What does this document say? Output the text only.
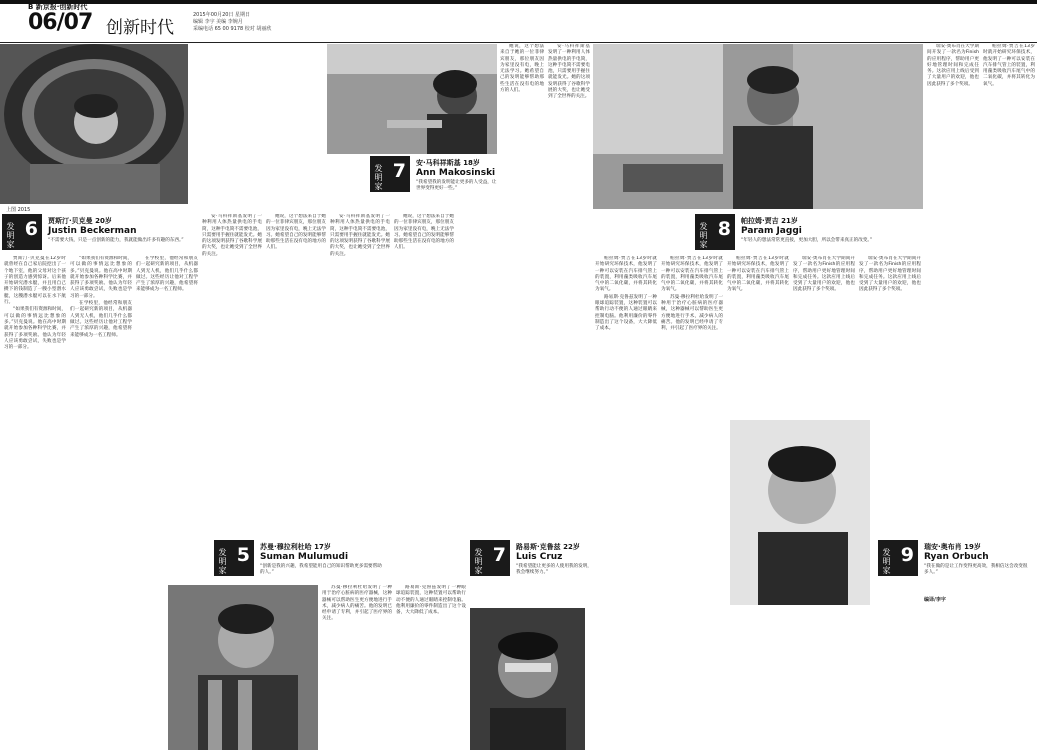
B 新京报·创新时代
06/07 创新时代
2015年00月20日 星期日
编辑 李宇 美编 李婉月
采编电话 65 00 9178 校对 胡丽欣
上图 2015
发明家 6 贾斯汀·贝克曼 20岁
Justin Beckerman
“不需要大钱，只是一点创新的能力，我就能做出许多有趣的东西。”
发明家 7 安·马科祥斯基 18岁
Ann Makosinski
“我希望我的发明能让更多的人受益，让世界变得更好一些。”
发明家 8 帕拉姆·贾吉 21岁
Param Jaggi
“年轻人的想法常常更直接，更加大胆，所以会带来真正的改变。”
发明家 5 苏曼·穆拉利杜哈 17岁
Suman Mulumudi
“创新是我的兴趣，我希望能用自己的知识帮助更多需要帮助的人。”	发明家 7 路易斯·克鲁兹 22岁
Luis Cruz
“我希望能让更多的人使用我的发明，我会继续努力。”	发明家 9 瑞安·奥布肖 19岁
Ryan Orbuch
“我在做的是让工作变得更高效，我相信这会改变很多人。”
编译/李宇

贾斯汀·贝克曼在12岁时就曾经在自己家后院挖出了一个地下室，他的父母对这个孩子的创造力感到惊讶。后来他开始研究潜水艇，并且用自己攒下的钱制造了一艘小型潜水艇，这艘潜水艇可以在水下航行。

“如果我们有资源和时间，可以做的事情远比想象的多。”贝克曼说。他在高中时期就开始参加各种科学比赛，并获得了多项奖励。他认为年轻人应该勇敢尝试，失败也是学习的一部分。

“如果我们有资源和时间，可以做的事情远比想象的多。”贝克曼说。他在高中时期就开始参加各种科学比赛，并获得了多项奖励。他认为年轻人应该勇敢尝试，失败也是学习的一部分。

在学校里，他经常和朋友们一起研究新的项目，从机器人到无人机，他们几乎什么都做过。这些经历让他对工程学产生了浓厚的兴趣，他希望将来能够成为一名工程师。

在学校里，他经常和朋友们一起研究新的项目，从机器人到无人机，他们几乎什么都做过。这些经历让他对工程学产生了浓厚的兴趣，他希望将来能够成为一名工程师。

安·马科祥斯基发明了一种利用人体热量供电的手电筒，这种手电筒不需要电池，只需要用手握住就能发光。她的这项发明获得了谷歌科学展的大奖，也让她受到了全世界的关注。

她说，这个想法来自于她的一位菲律宾朋友，那位朋友因为家里没有电，晚上无法学习。她希望自己的发明能够帮助那些生活在没有电的地方的人们。

安·马科祥斯基发明了一种利用人体热量供电的手电筒，这种手电筒不需要电池，只需要用手握住就能发光。她的这项发明获得了谷歌科学展的大奖，也让她受到了全世界的关注。

她说，这个想法来自于她的一位菲律宾朋友，那位朋友因为家里没有电，晚上无法学习。她希望自己的发明能够帮助那些生活在没有电的地方的人们。

她说，这个想法来自于她的一位菲律宾朋友，那位朋友因为家里没有电，晚上无法学习。她希望自己的发明能够帮助那些生活在没有电的地方的人们。

安·马科祥斯基发明了一种利用人体热量供电的手电筒，这种手电筒不需要电池，只需要用手握住就能发光。她的这项发明获得了谷歌科学展的大奖，也让她受到了全世界的关注。

苏曼·穆拉利杜哈发明了一种用于治疗心脏病的医疗器械，这种器械可以帮助医生更方便地进行手术，减少病人的痛苦。他的发明已经申请了专利，并引起了医疗界的关注。

路易斯·克鲁兹发明了一种眼球追踪装置，这种装置可以帮助行动不便的人通过眼睛来控制电脑。他利用廉价的零件制造出了这个设备，大大降低了成本。

帕拉姆·贾吉在13岁时就开始研究环保技术，他发明了一种可以安装在汽车排气管上的装置，利用藻类吸收汽车尾气中的二氧化碳，并将其转化为氧气。

路易斯·克鲁兹发明了一种眼球追踪装置，这种装置可以帮助行动不便的人通过眼睛来控制电脑。他利用廉价的零件制造出了这个设备，大大降低了成本。

帕拉姆·贾吉在13岁时就开始研究环保技术，他发明了一种可以安装在汽车排气管上的装置，利用藻类吸收汽车尾气中的二氧化碳，并将其转化为氧气。

苏曼·穆拉利杜哈发明了一种用于治疗心脏病的医疗器械，这种器械可以帮助医生更方便地进行手术，减少病人的痛苦。他的发明已经申请了专利，并引起了医疗界的关注。

帕拉姆·贾吉在13岁时就开始研究环保技术，他发明了一种可以安装在汽车排气管上的装置，利用藻类吸收汽车尾气中的二氧化碳，并将其转化为氧气。

瑞安·奥布肖在大学期间开发了一款名为Finish的应用程序，帮助用户更好地管理时间和完成任务。这款应用上线后受到了大量用户的欢迎，他也因此获得了多个奖项。

瑞安·奥布肖在大学期间开发了一款名为Finish的应用程序，帮助用户更好地管理时间和完成任务。这款应用上线后受到了大量用户的欢迎，他也因此获得了多个奖项。

瑞安·奥布肖在大学期间开发了一款名为Finish的应用程序，帮助用户更好地管理时间和完成任务。这款应用上线后受到了大量用户的欢迎，他也因此获得了多个奖项。

帕拉姆·贾吉在13岁时就开始研究环保技术，他发明了一种可以安装在汽车排气管上的装置，利用藻类吸收汽车尾气中的二氧化碳，并将其转化为氧气。
